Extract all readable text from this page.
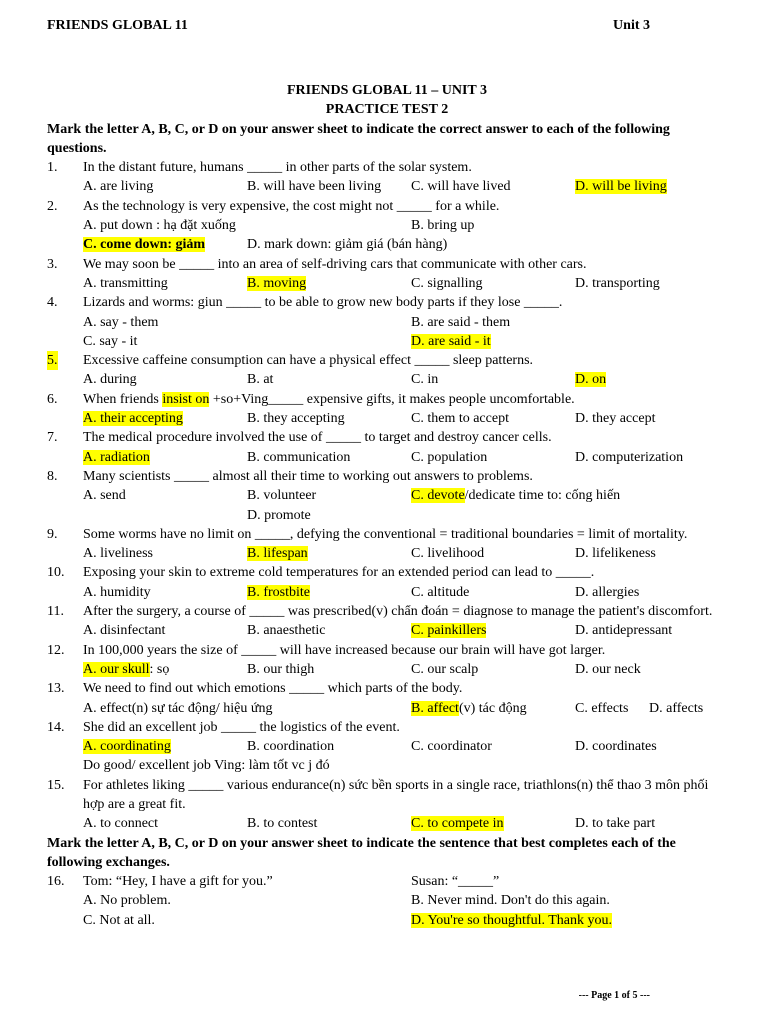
FRIENDS GLOBAL 11	Unit 3
FRIENDS GLOBAL 11 – UNIT 3
PRACTICE TEST 2
Mark the letter A, B, C, or D on your answer sheet to indicate the correct answer to each of the following questions.
1. In the distant future, humans _____ in other parts of the solar system.
A. are living	B. will have been living	C. will have lived	D. will be living
2. As the technology is very expensive, the cost might not _____ for a while.
A. put down : hạ đặt xuống	B. bring up
C. come down: giảm	D. mark down: giảm giá (bán hàng)
3. We may soon be _____ into an area of self-driving cars that communicate with other cars.
A. transmitting	B. moving	C. signalling	D. transporting
4. Lizards and worms: giun _____ to be able to grow new body parts if they lose _____.
A. say - them	B. are said - them
C. say - it	D. are said - it
5. Excessive caffeine consumption can have a physical effect _____ sleep patterns.
A. during	B. at	C. in	D. on
6. When friends insist on +so+Ving_____ expensive gifts, it makes people uncomfortable.
A. their accepting	B. they accepting	C. them to accept	D. they accept
7. The medical procedure involved the use of _____ to target and destroy cancer cells.
A. radiation	B. communication	C. population	D. computerization
8. Many scientists _____ almost all their time to working out answers to problems.
A. send	B. volunteer	C. devote/dedicate time to: cống hiến
D. promote
9. Some worms have no limit on _____, defying the conventional = traditional boundaries = limit of mortality.
A. liveliness	B. lifespan	C. livelihood	D. lifelikeness
10. Exposing your skin to extreme cold temperatures for an extended period can lead to _____.
A. humidity	B. frostbite	C. altitude	D. allergies
11. After the surgery, a course of _____ was prescribed(v) chẩn đoán = diagnose to manage the patient's discomfort.
A. disinfectant	B. anaesthetic	C. painkillers	D. antidepressant
12. In 100,000 years the size of _____ will have increased because our brain will have got larger.
A. our skull: sọ	B. our thigh	C. our scalp	D. our neck
13. We need to find out which emotions _____ which parts of the body.
A. effect(n) sự tác động/ hiệu ứng	B. affect(v) tác động	C. effects	D. affects
14. She did an excellent job _____ the logistics of the event.
A. coordinating	B. coordination	C. coordinator	D. coordinates
Do good/ excellent job Ving: làm tốt vc j đó
15. For athletes liking _____ various endurance(n) sức bền sports in a single race, triathlons(n) thể thao 3 môn phối hợp are a great fit.
A. to connect	B. to contest	C. to compete in	D. to take part
Mark the letter A, B, C, or D on your answer sheet to indicate the sentence that best completes each of the following exchanges.
16. Tom: “Hey, I have a gift for you.”	Susan: “_____”
A. No problem.	B. Never mind. Don't do this again.
C. Not at all.	D. You're so thoughtful. Thank you.
--- Page 1 of 5 ---
